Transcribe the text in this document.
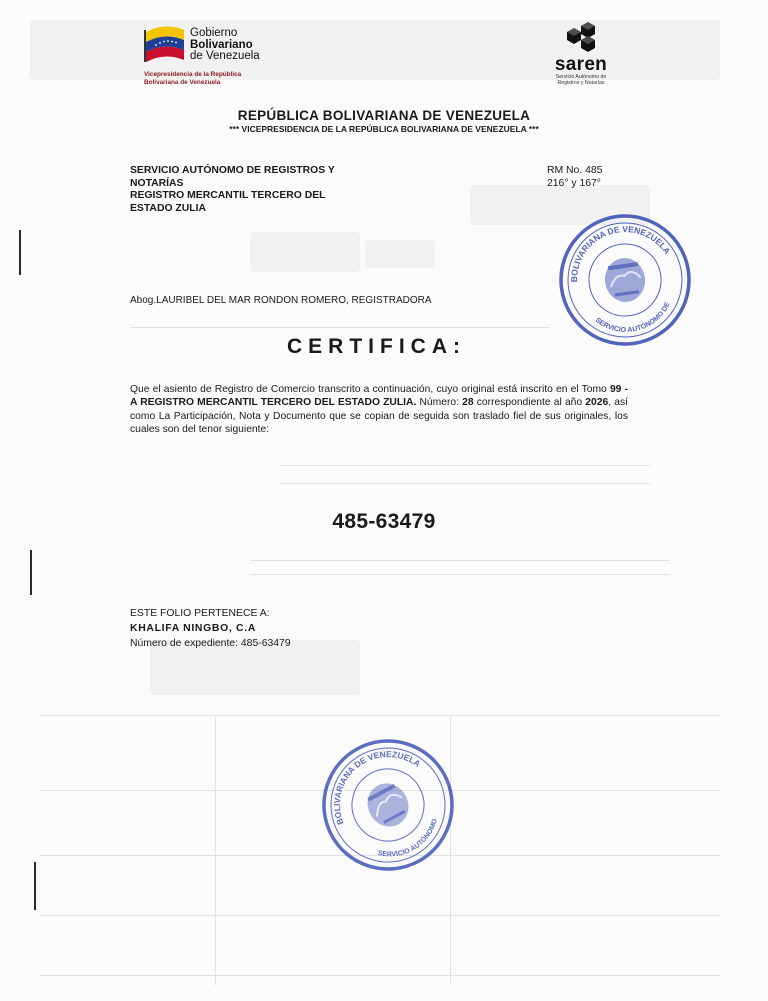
Gobierno
Bolivariano
de Venezuela
Vicepresidencia de la República
Bolivariana de Venezuela
saren
Servicio Autónomo de
Registros y Notarías
REPÚBLICA BOLIVARIANA DE VENEZUELA
*** VICEPRESIDENCIA DE LA REPÚBLICA BOLIVARIANA DE VENEZUELA ***
SERVICIO AUTÓNOMO DE REGISTROS Y
NOTARÍAS
REGISTRO MERCANTIL TERCERO DEL
ESTADO ZULIA
RM No. 485
216° y 167°
BOLIVARIANA DE VENEZUELA
SERVICIO AUTÓNOMO DE
Abog.LAURIBEL DEL MAR RONDON ROMERO, REGISTRADORA
CERTIFICA:
Que el asiento de Registro de Comercio transcrito a continuación, cuyo original está inscrito en el Tomo 99 - A REGISTRO MERCANTIL TERCERO DEL ESTADO ZULIA. Número: 28 correspondiente al año 2026, así como La Participación, Nota y Documento que se copian de seguida son traslado fiel de sus originales, los cuales son del tenor siguiente:
485-63479
ESTE FOLIO PERTENECE A:
KHALIFA NINGBO, C.A
Número de expediente: 485-63479
BOLIVARIANA DE VENEZUELA
SERVICIO AUTÓNOMO
